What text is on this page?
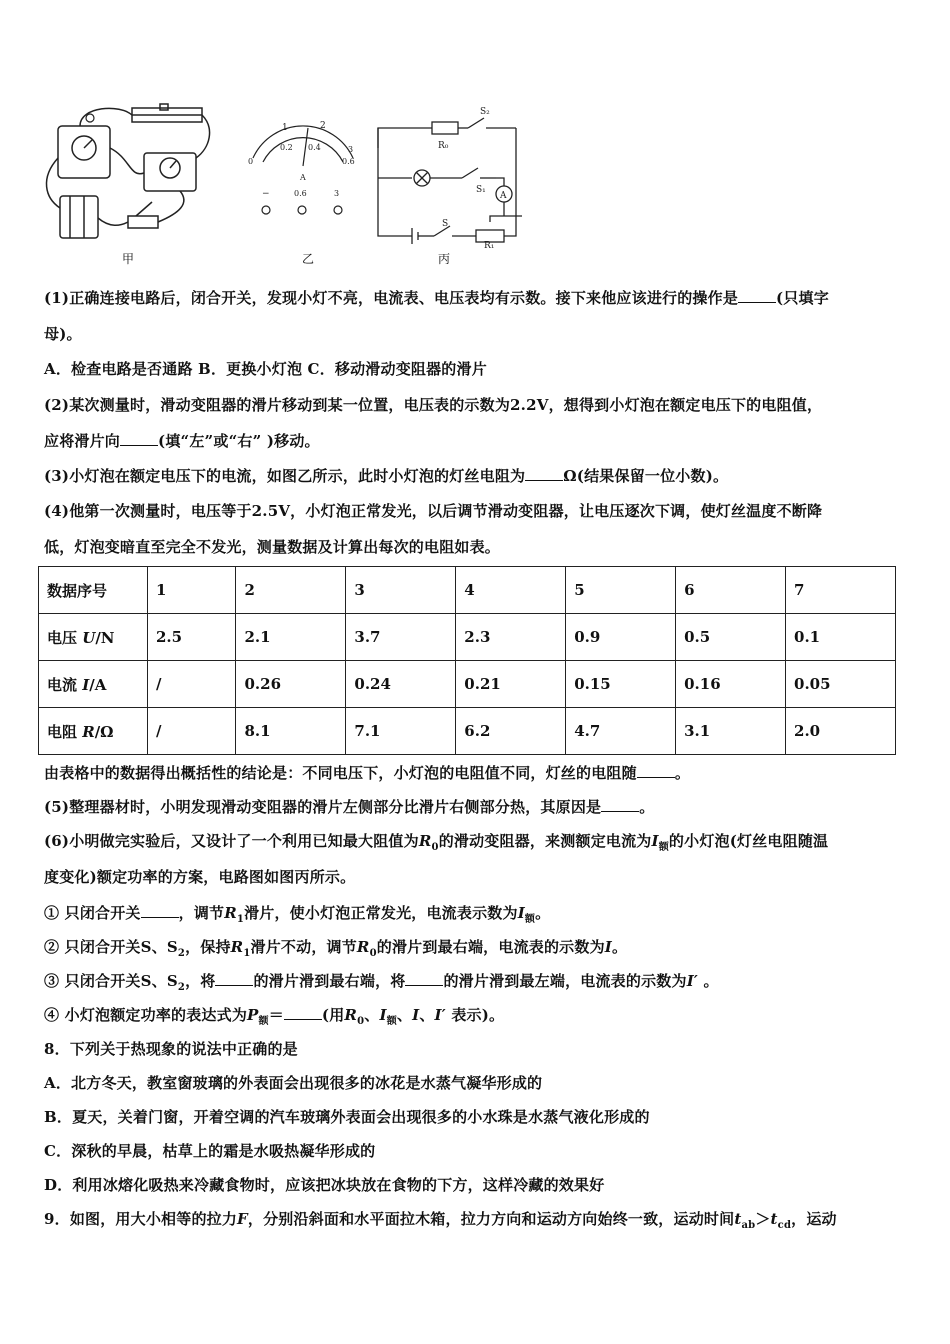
1	2
0.2 0.4
0	0.6
3
A
0.6	3
−
S₂
R₀
S₁
A
S
R₁
甲	乙	丙
(1)正确连接电路后，闭合开关，发现小灯不亮，电流表、电压表均有示数。接下来他应该进行的操作是	(只填字
母)。
A．检查电路是否通路 B．更换小灯泡 C．移动滑动变阻器的滑片
(2)某次测量时，滑动变阻器的滑片移动到某一位置，电压表的示数为2.2V，想得到小灯泡在额定电压下的电阻值，
应将滑片向	(填“左”或“右” )移动。
(3)小灯泡在额定电压下的电流，如图乙所示，此时小灯泡的灯丝电阻为	Ω(结果保留一位小数)。
(4)他第一次测量时，电压等于2.5V，小灯泡正常发光，以后调节滑动变阻器，让电压逐次下调，使灯丝温度不断降
低，灯泡变暗直至完全不发光，测量数据及计算出每次的电阻如表。
数据序号	1	2	3	4	5	6	7
电压 U/N	2.5	2.1	3.7	2.3	0.9	0.5	0.1
电流 I/A	/	0.26	0.24	0.21	0.15	0.16	0.05
电阻 R/Ω	/	8.1	7.1	6.2	4.7	3.1	2.0
由表格中的数据得出概括性的结论是：不同电压下，小灯泡的电阻值不同，灯丝的电阻随	。
(5)整理器材时，小明发现滑动变阻器的滑片左侧部分比滑片右侧部分热，其原因是	。
(6)小明做完实验后，又设计了一个利用已知最大阻值为$R_0$的滑动变阻器，来测额定电流为$I_额$的小灯泡(灯丝电阻随温
度变化)额定功率的方案，电路图如图丙所示。
① 只闭合开关	，调节$R_1$滑片，使小灯泡正常发光，电流表示数为$I_额$。
② 只闭合开关S、$S_2$，保持$R_1$滑片不动，调节$R_0$的滑片到最右端，电流表的示数为I。
③ 只闭合开关S、$S_2$，将	的滑片滑到最右端，将	的滑片滑到最左端，电流表的示数为I′ 。
④ 小灯泡额定功率的表达式为$P_额=$	(用$R_0$、$I_额$、I、I′ 表示)。
8．下列关于热现象的说法中正确的是
A．北方冬天，教室窗玻璃的外表面会出现很多的冰花是水蒸气凝华形成的
B．夏天，关着门窗，开着空调的汽车玻璃外表面会出现很多的小水珠是水蒸气液化形成的
C．深秋的早晨，枯草上的霜是水吸热凝华形成的
D．利用冰熔化吸热来冷藏食物时，应该把冰块放在食物的下方，这样冷藏的效果好
9．如图，用大小相等的拉力F，分别沿斜面和水平面拉木箱，拉力方向和运动方向始终一致，运动时间$t_{ab}>t_{cd}$，运动
